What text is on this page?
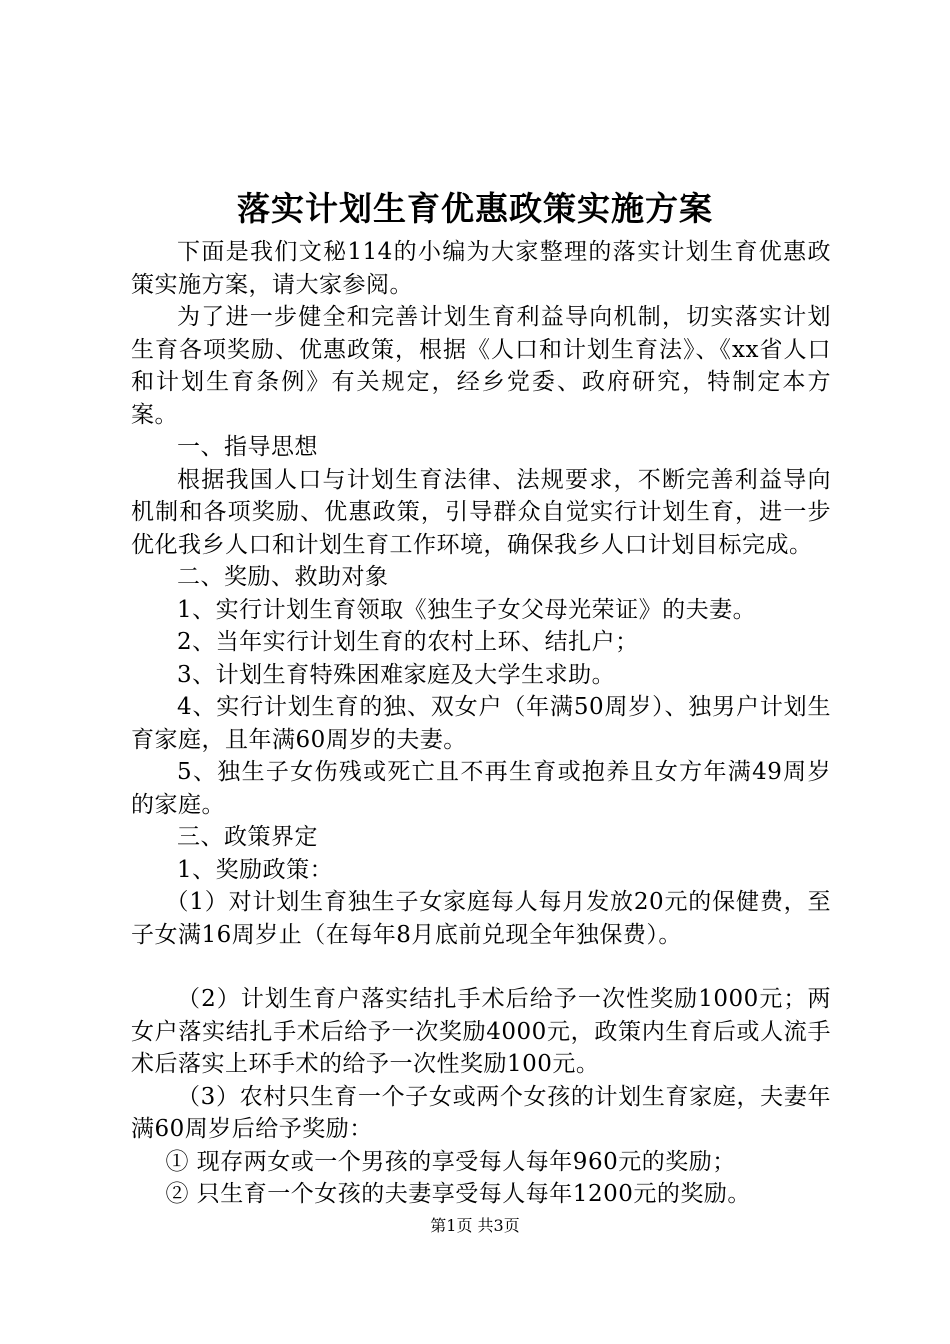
落实计划生育优惠政策实施方案

下面是我们文秘114的小编为大家整理的落实计划生育优惠政策实施方案，请大家参阅。

为了进一步健全和完善计划生育利益导向机制，切实落实计划生育各项奖励、优惠政策，根据《人口和计划生育法》、《xx省人口和计划生育条例》有关规定，经乡党委、政府研究，特制定本方案。

一、指导思想

根据我国人口与计划生育法律、法规要求，不断完善利益导向机制和各项奖励、优惠政策，引导群众自觉实行计划生育，进一步优化我乡人口和计划生育工作环境，确保我乡人口计划目标完成。

二、奖励、救助对象

1、实行计划生育领取《独生子女父母光荣证》的夫妻。

2、当年实行计划生育的农村上环、结扎户；

3、计划生育特殊困难家庭及大学生求助。

4、实行计划生育的独、双女户（年满50周岁）、独男户计划生育家庭，且年满60周岁的夫妻。

5、独生子女伤残或死亡且不再生育或抱养且女方年满49周岁的家庭。

三、政策界定

1、奖励政策：

（1）对计划生育独生子女家庭每人每月发放20元的保健费，至子女满16周岁止（在每年8月底前兑现全年独保费）。

（2）计划生育户落实结扎手术后给予一次性奖励1000元；两女户落实结扎手术后给予一次奖励4000元，政策内生育后或人流手术后落实上环手术的给予一次性奖励100元。

（3）农村只生育一个子女或两个女孩的计划生育家庭，夫妻年满60周岁后给予奖励：

① 现存两女或一个男孩的享受每人每年960元的奖励；

② 只生育一个女孩的夫妻享受每人每年1200元的奖励。

第1页 共3页
